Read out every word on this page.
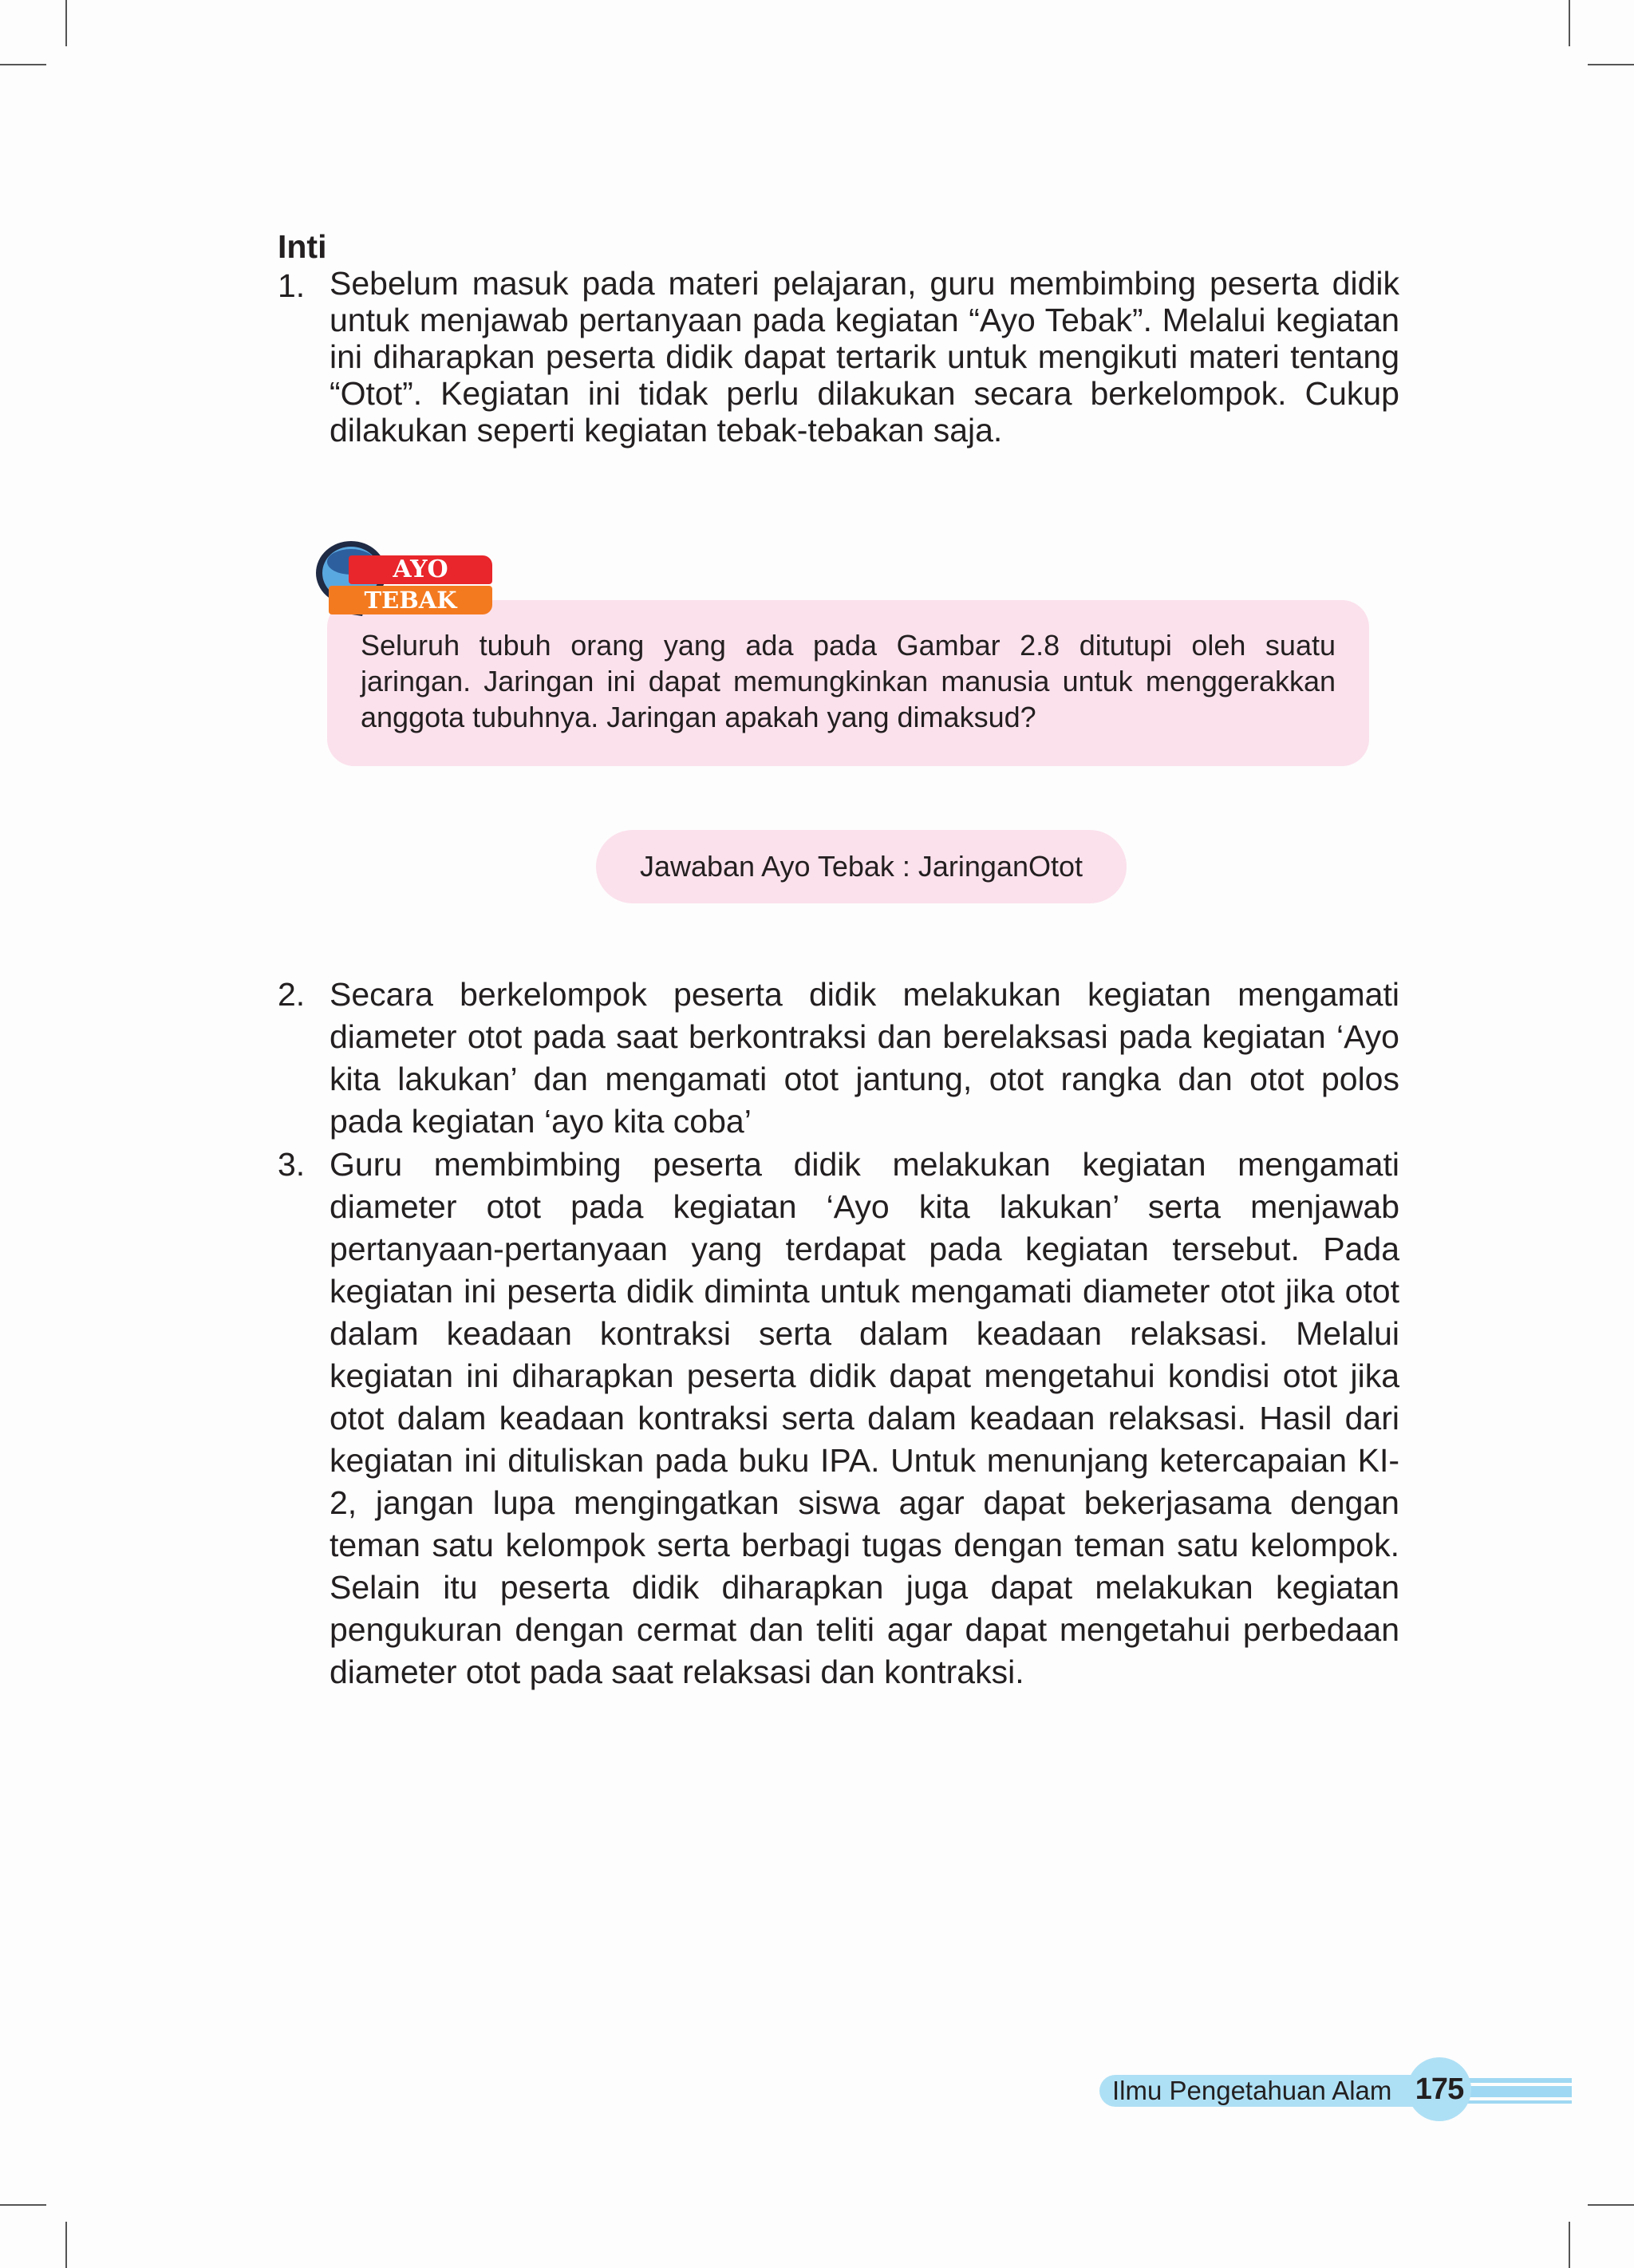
Inti
1. Sebelum masuk pada materi pelajaran, guru membimbing peserta didik untuk menjawab pertanyaan pada kegiatan “Ayo Tebak”. Melalui kegiatan ini diharapkan peserta didik dapat tertarik untuk mengikuti materi tentang “Otot”. Kegiatan ini tidak perlu dilakukan secara berkelompok. Cukup dilakukan seperti kegiatan tebak-tebakan saja.
Seluruh tubuh orang yang ada pada Gambar 2.8 ditutupi oleh suatu jaringan. Jaringan ini dapat memungkinkan manusia untuk menggerakkan anggota tubuhnya. Jaringan apakah yang dimaksud?
AYO
TEBAK
Jawaban Ayo Tebak : JaringanOtot
2. Secara berkelompok peserta didik melakukan kegiatan mengamati diameter otot pada saat berkontraksi dan berelaksasi pada kegiatan ‘Ayo kita lakukan’ dan mengamati otot jantung, otot rangka dan otot polos pada kegiatan ‘ayo kita coba’
3. Guru membimbing peserta didik melakukan kegiatan mengamati diameter otot pada kegiatan ‘Ayo kita lakukan’ serta menjawab pertanyaan-pertanyaan yang terdapat pada kegiatan tersebut. Pada kegiatan ini peserta didik diminta untuk mengamati diameter otot jika otot dalam keadaan kontraksi serta dalam keadaan relaksasi. Melalui kegiatan ini diharapkan peserta didik dapat mengetahui kondisi otot jika otot dalam keadaan kontraksi serta dalam keadaan relaksasi. Hasil dari kegiatan ini dituliskan pada buku IPA. Untuk menunjang ketercapaian KI-2, jangan lupa mengingatkan siswa agar dapat bekerjasama dengan teman satu kelompok serta berbagi tugas dengan teman satu kelompok. Selain itu peserta didik diharapkan juga dapat melakukan kegiatan pengukuran dengan cermat dan teliti agar dapat mengetahui perbedaan diameter otot pada saat relaksasi dan kontraksi.
Ilmu Pengetahuan Alam 175
